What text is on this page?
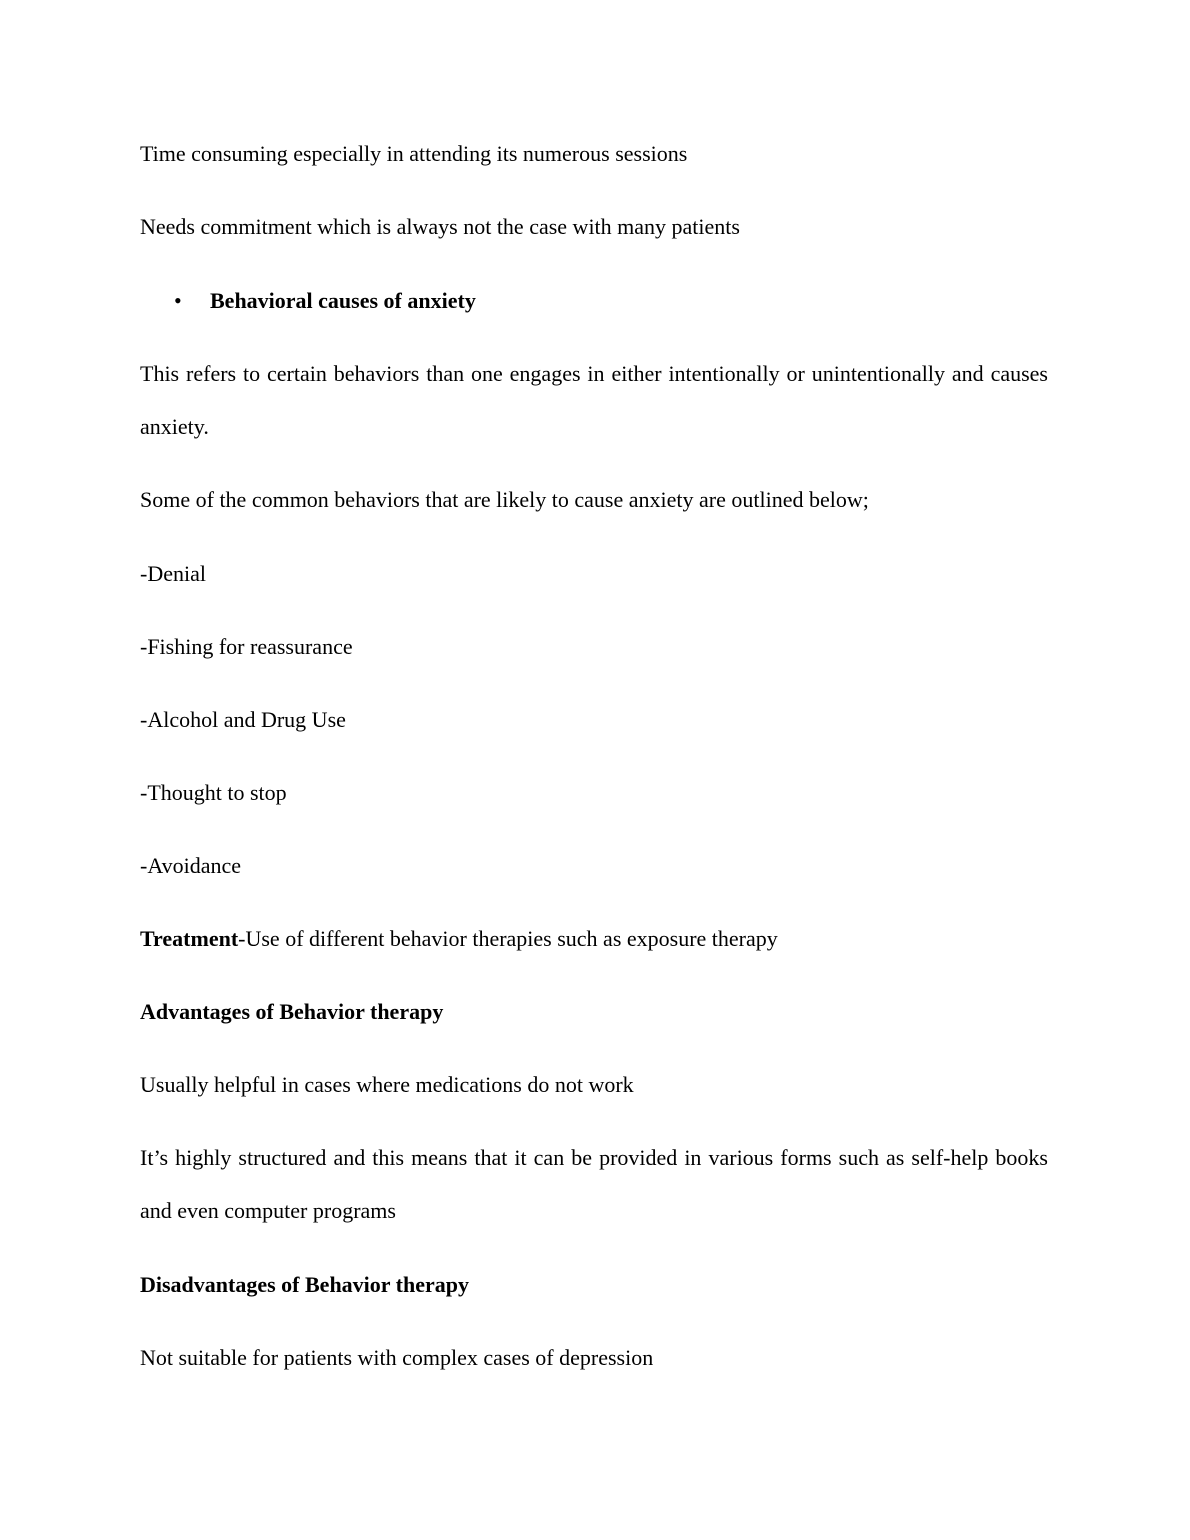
Time consuming especially in attending its numerous sessions

Needs commitment which is always not the case with many patients

• Behavioral causes of anxiety

This refers to certain behaviors than one engages in either intentionally or unintentionally and causes anxiety.

Some of the common behaviors that are likely to cause anxiety are outlined below;

-Denial

-Fishing for reassurance

-Alcohol and Drug Use

-Thought to stop

-Avoidance

Treatment-Use of different behavior therapies such as exposure therapy

Advantages of Behavior therapy

Usually helpful in cases where medications do not work

It’s highly structured and this means that it can be provided in various forms such as self-help books and even computer programs

Disadvantages of Behavior therapy

Not suitable for patients with complex cases of depression
